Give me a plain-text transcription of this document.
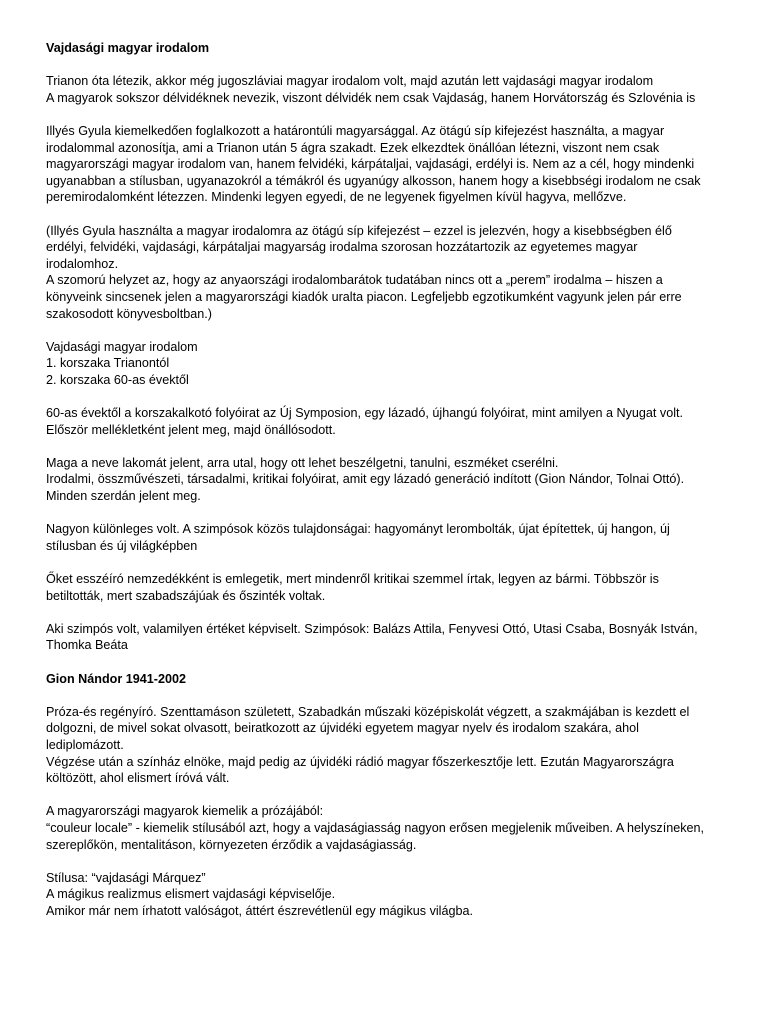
Vajdasági magyar irodalom

Trianon óta létezik, akkor még jugoszláviai magyar irodalom volt, majd azután lett vajdasági magyar irodalom
A magyarok sokszor délvidéknek nevezik, viszont délvidék nem csak Vajdaság, hanem Horvátország és Szlovénia is

Illyés Gyula kiemelkedően foglalkozott a határontúli magyarsággal. Az ötágú síp kifejezést használta, a magyar
irodalommal azonosítja, ami a Trianon után 5 ágra szakadt. Ezek elkezdtek önállóan létezni, viszont nem csak
magyarországi magyar irodalom van, hanem felvidéki, kárpátaljai, vajdasági, erdélyi is. Nem az a cél, hogy mindenki
ugyanabban a stílusban, ugyanazokról a témákról és ugyanúgy alkosson, hanem hogy a kisebbségi irodalom ne csak
peremirodalomként létezzen. Mindenki legyen egyedi, de ne legyenek figyelmen kívül hagyva, mellőzve.

(Illyés Gyula használta a magyar irodalomra az ötágú síp kifejezést – ezzel is jelezvén, hogy a kisebbségben élő
erdélyi, felvidéki, vajdasági, kárpátaljai magyarság irodalma szorosan hozzátartozik az egyetemes magyar
irodalomhoz.
A szomorú helyzet az, hogy az anyaországi irodalombarátok tudatában nincs ott a „perem” irodalma – hiszen a
könyveink sincsenek jelen a magyarországi kiadók uralta piacon. Legfeljebb egzotikumként vagyunk jelen pár erre
szakosodott könyvesboltban.)

Vajdasági magyar irodalom
1. korszaka Trianontól
2. korszaka 60-as évektől

60-as évektől a korszakalkotó folyóirat az Új Symposion, egy lázadó, újhangú folyóirat, mint amilyen a Nyugat volt.
Először mellékletként jelent meg, majd önállósodott.

Maga a neve lakomát jelent, arra utal, hogy ott lehet beszélgetni, tanulni, eszméket cserélni.
Irodalmi, összművészeti, társadalmi, kritikai folyóirat, amit egy lázadó generáció indított (Gion Nándor, Tolnai Ottó).
Minden szerdán jelent meg.

Nagyon különleges volt. A szimpósok közös tulajdonságai: hagyományt lerombolták, újat építettek, új hangon, új
stílusban és új világképben

Őket esszéíró nemzedékként is emlegetik, mert mindenről kritikai szemmel írtak, legyen az bármi. Többször is
betiltották, mert szabadszájúak és őszinték voltak.

Aki szimpós volt, valamilyen értéket képviselt. Szimpósok: Balázs Attila, Fenyvesi Ottó, Utasi Csaba, Bosnyák István,
Thomka Beáta

Gion Nándor 1941-2002

Próza-és regényíró. Szenttamáson született, Szabadkán műszaki középiskolát végzett, a szakmájában is kezdett el
dolgozni, de mivel sokat olvasott, beiratkozott az újvidéki egyetem magyar nyelv és irodalom szakára, ahol
lediplomázott.
Végzése után a színház elnöke, majd pedig az újvidéki rádió magyar főszerkesztője lett. Ezután Magyarországra
költözött, ahol elismert íróvá vált.

A magyarországi magyarok kiemelik a prózájából:
“couleur locale” - kiemelik stílusából azt, hogy a vajdaságiasság nagyon erősen megjelenik műveiben. A helyszíneken,
szereplőkön, mentalitáson, környezeten érződik a vajdaságiasság.

Stílusa: “vajdasági Márquez”
A mágikus realizmus elismert vajdasági képviselője.
Amikor már nem írhatott valóságot, áttért észrevétlenül egy mágikus világba.
